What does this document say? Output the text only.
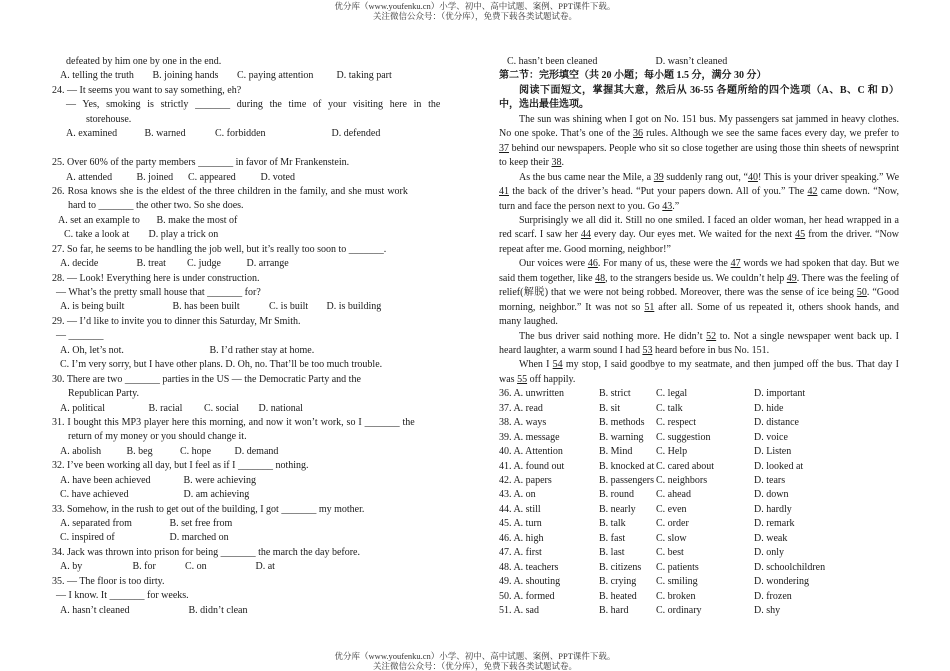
优分库（www.youfenku.cn）小学、初中、高中试题、案例、PPT课件下载。
关注微信公众号：（优分库），免费下载各类试题试卷。
defeated by him one by one in the end.
A. telling the truth B. joining hands C. paying attention D. taking part
24. — It seems you want to say something, eh?
— Yes, smoking is strictly _______ during the time of your visiting here in the
storehouse.
A. examined	B. warned	C. forbidden	D. defended
25. Over 60% of the party members _______ in favor of Mr Frankenstein.
A. attended B. joined C. appeared D. voted
26. Rosa knows she is the eldest of the three children in the family, and she must work
hard to _______ the other two. So she does.
A. set an example to B. make the most of
C. take a look at D. play a trick on
27. So far, he seems to be handling the job well, but it’s really too soon to _______.
A. decide	B. treat C. judge	D. arrange
28. — Look! Everything here is under construction.
— What’s the pretty small house that _______ for?
A. is being built	B. has been built	C. is built D. is building
29. — I’d like to invite you to dinner this Saturday, Mr Smith.
— _______
A. Oh, let’s not.	B. I’d rather stay at home.
C. I’m very sorry, but I have other plans. D. Oh, no. That’ll be too much trouble.
30. There are two _______ parties in the US — the Democratic Party and the
Republican Party.
A. political	B. racial C. social D. national
31. I bought this MP3 player here this morning, and now it won’t work, so I _______ the
return of my money or you should change it.
A. abolish	B. beg	C. hope D. demand
32. I’ve been working all day, but I feel as if I _______ nothing.
A. have been achieved	B. were achieving
C. have achieved	D. am achieving
33. Somehow, in the rush to get out of the building, I got _______ my mother.
A. separated from	B. set free from
C. inspired of	D. marched on
34. Jack was thrown into prison for being _______ the march the day before.
A. by	B. for	C. on	D. at
35. — The floor is too dirty.
— I know. It _______ for weeks.
A. hasn’t cleaned	B. didn’t clean
C. hasn’t been cleaned	D. wasn’t cleaned
第二节：完形填空（共 20 小题；每小题 1.5 分，满分 30 分）
阅读下面短文，掌握其大意，然后从 36-55 各题所给的四个选项（A、B、C 和 D）中，选出最佳选项。
The sun was shining when I got on No. 151 bus. My passengers sat jammed in heavy clothes. No one spoke. That’s one of the 36 rules. Although we see the same faces every day, we prefer to 37 behind our newspapers. People who sit so close together are using those thin sheets of newsprint to keep their 38.
As the bus came near the Mile, a 39 suddenly rang out, “40! This is your driver speaking.” We 41 the back of the driver’s head. “Put your papers down. All of you.” The 42 came down. “Now, turn and face the person next to you. Go 43.”
Surprisingly we all did it. Still no one smiled. I faced an older woman, her head wrapped in a red scarf. I saw her 44 every day. Our eyes met. We waited for the next 45 from the driver. “Now repeat after me. Good morning, neighbor!”
Our voices were 46. For many of us, these were the 47 words we had spoken that day. But we said them together, like 48, to the strangers beside us. We couldn’t help 49. There was the feeling of relief(解脱) that we were not being robbed. Moreover, there was the sense of ice being 50. “Good morning, neighbor.” It was not so 51 after all. Some of us repeated it, others shook hands, and many laughed.
The bus driver said nothing more. He didn’t 52 to. Not a single newspaper went back up. I heard laughter, a warm sound I had 53 heard before in bus No. 151.
When I 54 my stop, I said goodbye to my seatmate, and then jumped off the bus. That day I was 55 off happily.
36. A. unwritten	B. strict	C. legal	D. important
37. A. read	B. sit	C. talk	D. hide
38. A. ways	B. methods C. respect	D. distance
39. A. message	B. warning C. suggestion	D. voice
40. A. Attention	B. Mind C. Help	D. Listen
41. A. found out	B. knocked at C. cared about	D. looked at
42. A. papers	B. passengers C. neighbors	D. tears
43. A. on	B. round C. ahead	D. down
44. A. still	B. nearly C. even	D. hardly
45. A. turn	B. talk	C. order	D. remark
46. A. high	B. fast	C. slow	D. weak
47. A. first	B. last	C. best	D. only
48. A. teachers	B. citizens C. patients	D. schoolchildren
49. A. shouting	B. crying C. smiling	D. wondering
50. A. formed	B. heated C. broken	D. frozen
51. A. sad	B. hard	C. ordinary	D. shy
优分库（www.youfenku.cn）小学、初中、高中试题、案例、PPT课件下载。
关注微信公众号：（优分库），免费下载各类试题试卷。
